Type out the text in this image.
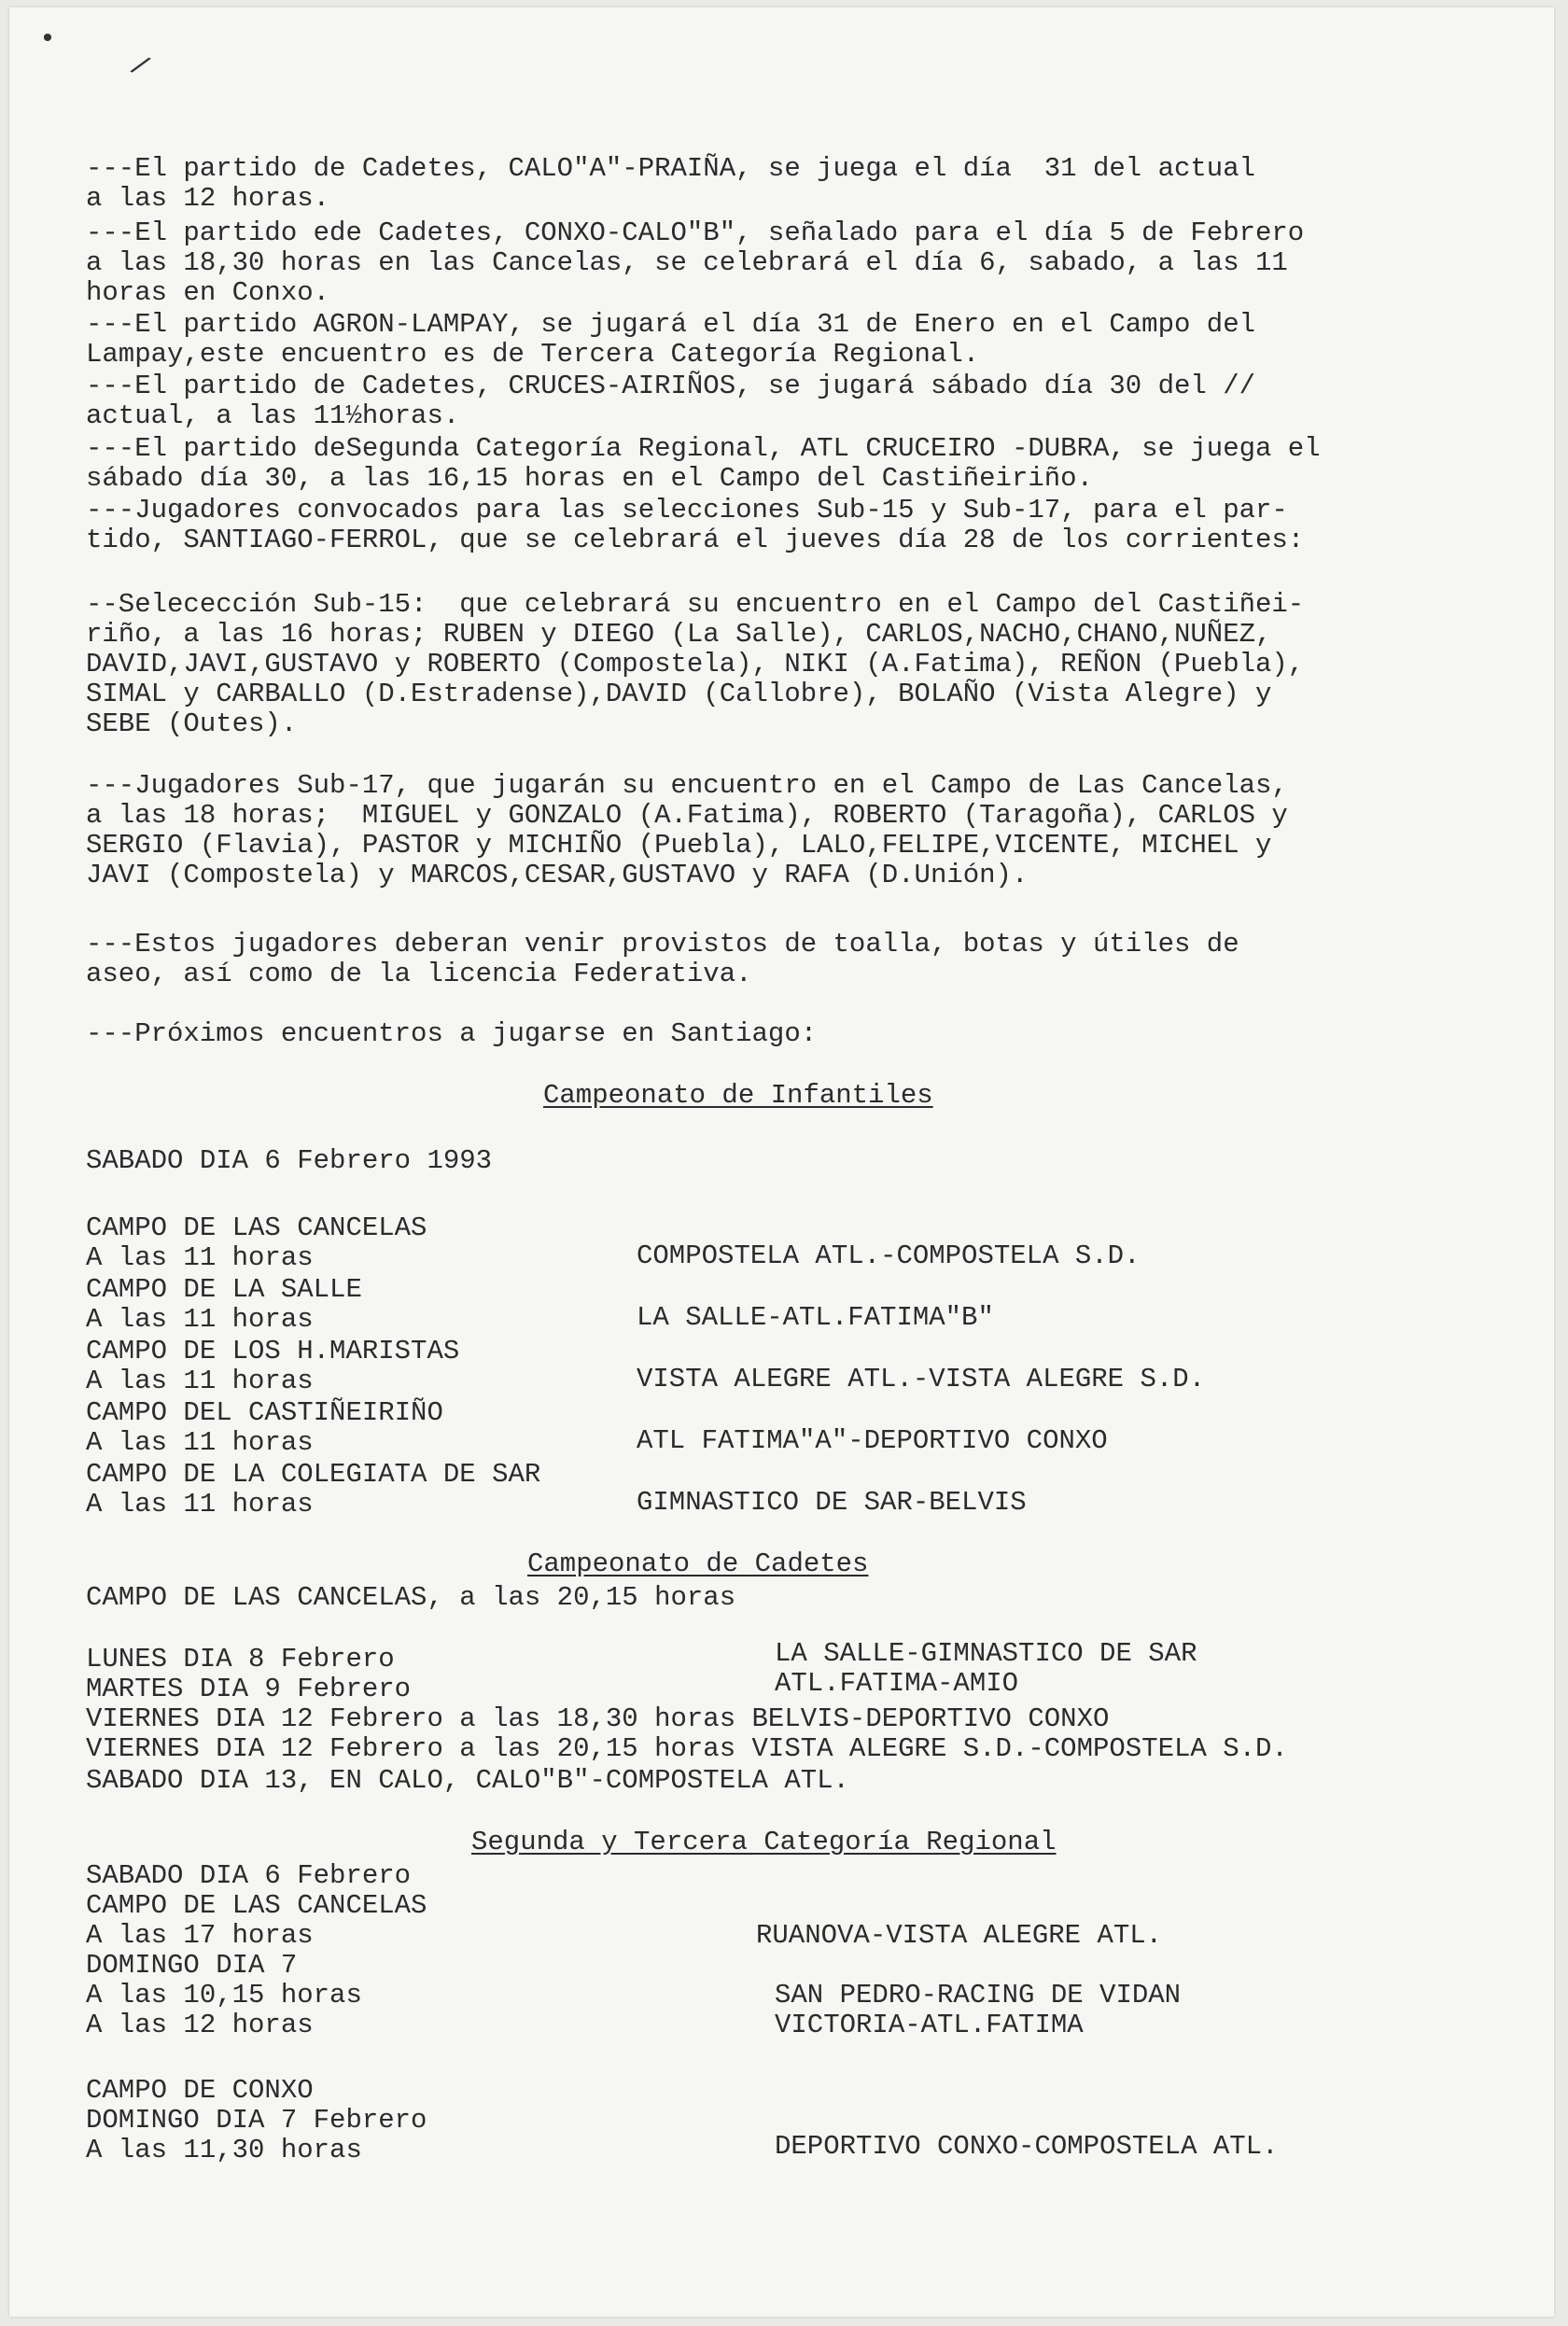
•
/
---El partido de Cadetes, CALO"A"-PRAIÑA, se juega el día  31 del actual
a las 12 horas.
---El partido ede Cadetes, CONXO-CALO"B", señalado para el día 5 de Febrero
a las 18,30 horas en las Cancelas, se celebrará el día 6, sabado, a las 11
horas en Conxo.
---El partido AGRON-LAMPAY, se jugará el día 31 de Enero en el Campo del
Lampay,este encuentro es de Tercera Categoría Regional.
---El partido de Cadetes, CRUCES-AIRIÑOS, se jugará sábado día 30 del //
actual, a las 11½horas.
---El partido deSegunda Categoría Regional, ATL CRUCEIRO -DUBRA, se juega el
sábado día 30, a las 16,15 horas en el Campo del Castiñeiriño.
---Jugadores convocados para las selecciones Sub-15 y Sub-17, para el par-
tido, SANTIAGO-FERROL, que se celebrará el jueves día 28 de los corrientes:
--Selecección Sub-15:  que celebrará su encuentro en el Campo del Castiñei-
riño, a las 16 horas; RUBEN y DIEGO (La Salle), CARLOS,NACHO,CHANO,NUÑEZ,
DAVID,JAVI,GUSTAVO y ROBERTO (Compostela), NIKI (A.Fatima), REÑON (Puebla),
SIMAL y CARBALLO (D.Estradense),DAVID (Callobre), BOLAÑO (Vista Alegre) y
SEBE (Outes).
---Jugadores Sub-17, que jugarán su encuentro en el Campo de Las Cancelas,
a las 18 horas;  MIGUEL y GONZALO (A.Fatima), ROBERTO (Taragoña), CARLOS y
SERGIO (Flavia), PASTOR y MICHIÑO (Puebla), LALO,FELIPE,VICENTE, MICHEL y
JAVI (Compostela) y MARCOS,CESAR,GUSTAVO y RAFA (D.Unión).
---Estos jugadores deberan venir provistos de toalla, botas y útiles de
aseo, así como de la licencia Federativa.
---Próximos encuentros a jugarse en Santiago:
Campeonato de Infantiles
SABADO DIA 6 Febrero 1993
CAMPO DE LAS CANCELAS
A las 11 horas
CAMPO DE LA SALLE
A las 11 horas
CAMPO DE LOS H.MARISTAS
A las 11 horas
CAMPO DEL CASTIÑEIRIÑO
A las 11 horas
CAMPO DE LA COLEGIATA DE SAR
A las 11 horas
COMPOSTELA ATL.-COMPOSTELA S.D.
LA SALLE-ATL.FATIMA"B"
VISTA ALEGRE ATL.-VISTA ALEGRE S.D.
ATL FATIMA"A"-DEPORTIVO CONXO
GIMNASTICO DE SAR-BELVIS
Campeonato de Cadetes
CAMPO DE LAS CANCELAS, a las 20,15 horas
LUNES DIA 8 Febrero
MARTES DIA 9 Febrero
LA SALLE-GIMNASTICO DE SAR
ATL.FATIMA-AMIO
VIERNES DIA 12 Febrero a las 18,30 horas BELVIS-DEPORTIVO CONXO
VIERNES DIA 12 Febrero a las 20,15 horas VISTA ALEGRE S.D.-COMPOSTELA S.D.
SABADO DIA 13, EN CALO, CALO"B"-COMPOSTELA ATL.
Segunda y Tercera Categoría Regional
SABADO DIA 6 Febrero
CAMPO DE LAS CANCELAS
A las 17 horas
DOMINGO DIA 7
A las 10,15 horas
A las 12 horas
CAMPO DE CONXO
DOMINGO DIA 7 Febrero
A las 11,30 horas
RUANOVA-VISTA ALEGRE ATL.
SAN PEDRO-RACING DE VIDAN
VICTORIA-ATL.FATIMA
DEPORTIVO CONXO-COMPOSTELA ATL.
